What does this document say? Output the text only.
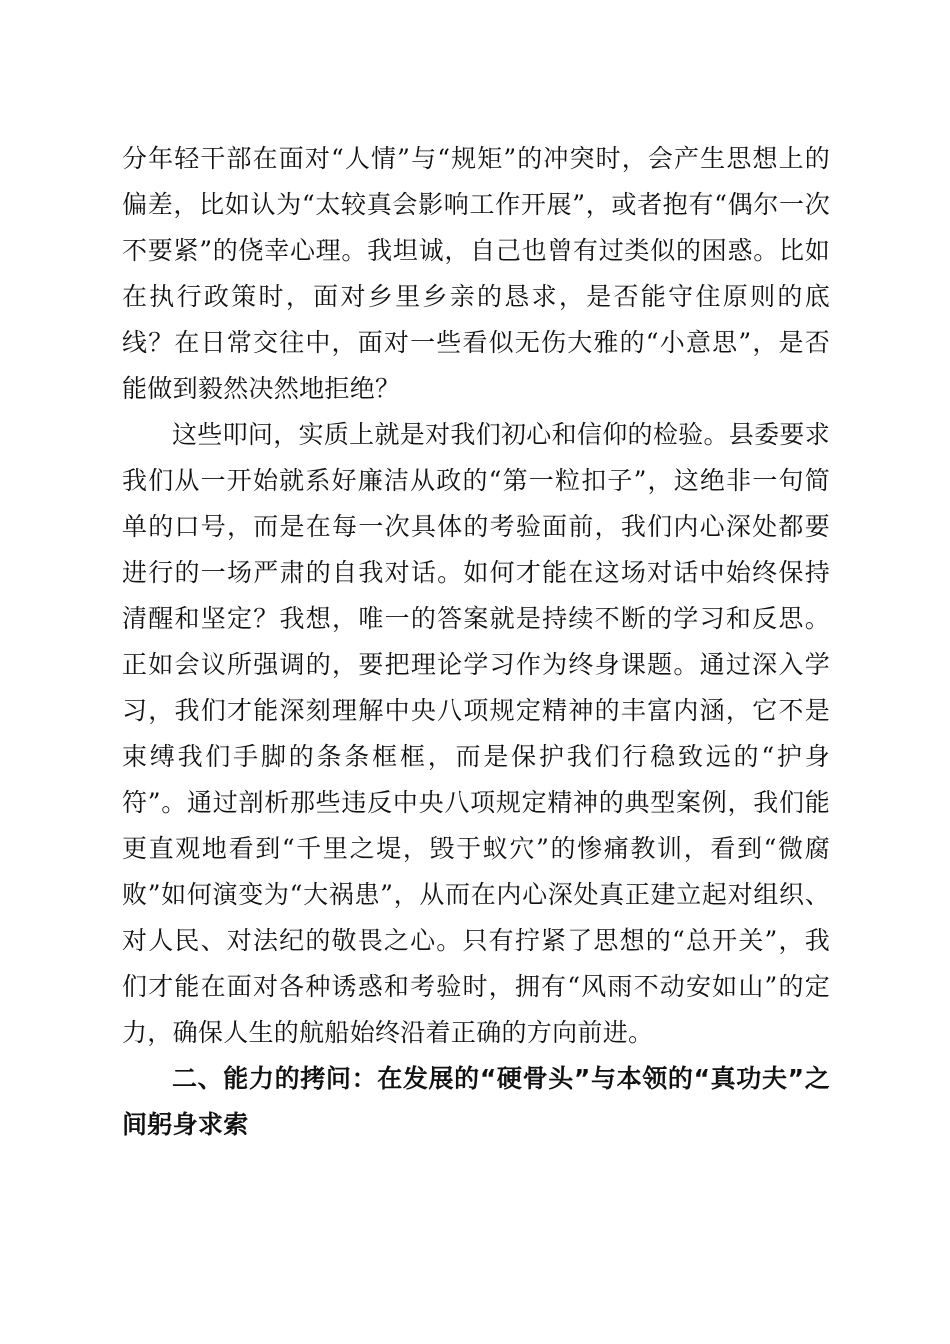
分年轻干部在面对“人情”与“规矩”的冲突时，会产生思想上的偏差，比如认为“太较真会影响工作开展”，或者抱有“偶尔一次不要紧”的侥幸心理。我坦诚，自己也曾有过类似的困惑。比如在执行政策时，面对乡里乡亲的恳求，是否能守住原则的底线？在日常交往中，面对一些看似无伤大雅的“小意思”，是否能做到毅然决然地拒绝？

这些叩问，实质上就是对我们初心和信仰的检验。县委要求我们从一开始就系好廉洁从政的“第一粒扣子”，这绝非一句简单的口号，而是在每一次具体的考验面前，我们内心深处都要进行的一场严肃的自我对话。如何才能在这场对话中始终保持清醒和坚定？我想，唯一的答案就是持续不断的学习和反思。正如会议所强调的，要把理论学习作为终身课题。通过深入学习，我们才能深刻理解中央八项规定精神的丰富内涵，它不是束缚我们手脚的条条框框，而是保护我们行稳致远的“护身符”。通过剖析那些违反中央八项规定精神的典型案例，我们能更直观地看到“千里之堤，毁于蚁穴”的惨痛教训，看到“微腐败”如何演变为“大祸患”，从而在内心深处真正建立起对组织、对人民、对法纪的敬畏之心。只有拧紧了思想的“总开关”，我们才能在面对各种诱惑和考验时，拥有“风雨不动安如山”的定力，确保人生的航船始终沿着正确的方向前进。

二、能力的拷问：在发展的“硬骨头”与本领的“真功夫”之间躬身求索
